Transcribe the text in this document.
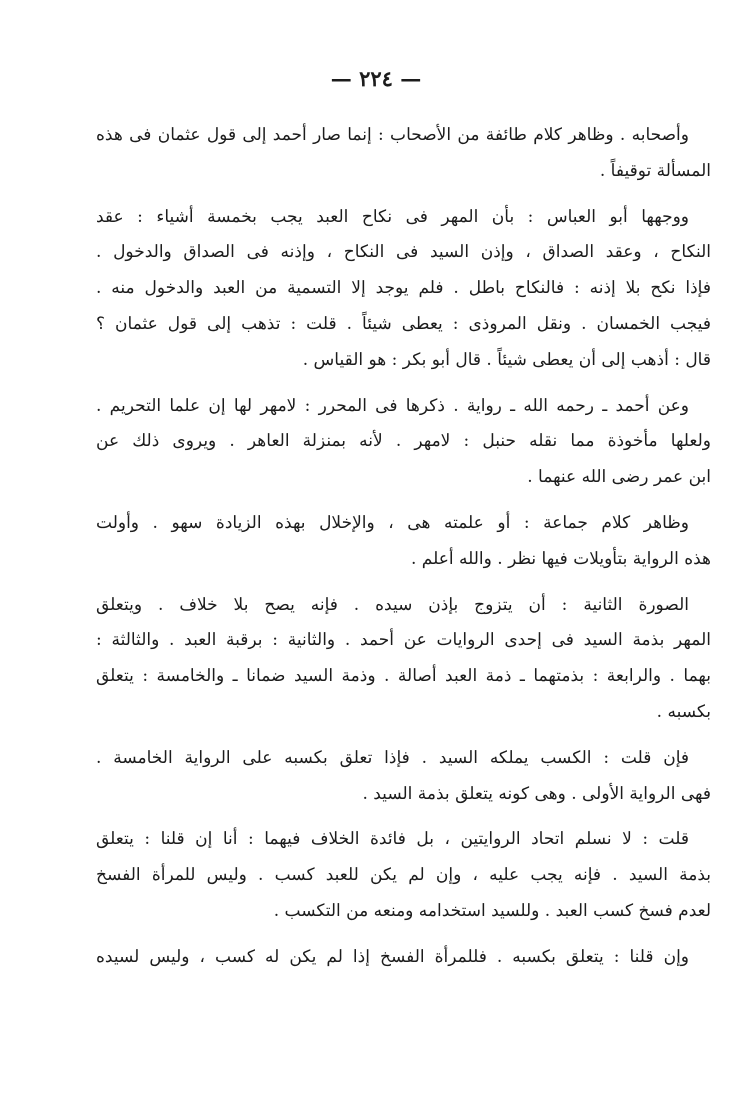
— ٢٢٤ —
وأصحابه . وظاهر كلام طائفة من الأصحاب : إنما صار أحمد إلى قول عثمان فى هذه
المسألة توقيفاً .
ووجهها أبو العباس : بأن المهر فى نكاح العبد يجب بخمسة أشياء : عقد
النكاح ، وعقد الصداق ، وإذن السيد فى النكاح ، وإذنه فى الصداق والدخول .
فإذا نكح بلا إذنه : فالنكاح باطل . فلم يوجد إلا التسمية من العبد والدخول منه .
فيجب الخمسان . ونقل المروذى : يعطى شيئاً . قلت : تذهب إلى قول عثمان ؟
قال : أذهب إلى أن يعطى شيئاً . قال أبو بكر : هو القياس .
وعن أحمد ـ رحمه الله ـ رواية . ذكرها فى المحرر : لامهر لها إن علما التحريم .
ولعلها مأخوذة مما نقله حنبل : لامهر . لأنه بمنزلة العاهر . ويروى ذلك عن
ابن عمر رضى الله عنهما .
وظاهر كلام جماعة : أو علمته هى ، والإخلال بهذه الزيادة سهو . وأولت
هذه الرواية بتأويلات فيها نظر . والله أعلم .
الصورة الثانية : أن يتزوج بإذن سيده . فإنه يصح بلا خلاف . ويتعلق
المهر بذمة السيد فى إحدى الروايات عن أحمد . والثانية : برقبة العبد . والثالثة :
بهما . والرابعة : بذمتهما ـ ذمة العبد أصالة . وذمة السيد ضمانا ـ والخامسة : يتعلق
بكسبه .
فإن قلت : الكسب يملكه السيد . فإذا تعلق بكسبه على الرواية الخامسة .
فهى الرواية الأولى . وهى كونه يتعلق بذمة السيد .
قلت : لا نسلم اتحاد الروايتين ، بل فائدة الخلاف فيهما : أنا إن قلنا : يتعلق
بذمة السيد . فإنه يجب عليه ، وإن لم يكن للعبد كسب . وليس للمرأة الفسخ
لعدم فسخ كسب العبد . وللسيد استخدامه ومنعه من التكسب .
وإن قلنا : يتعلق بكسبه . فللمرأة الفسخ إذا لم يكن له كسب ، وليس لسيده
